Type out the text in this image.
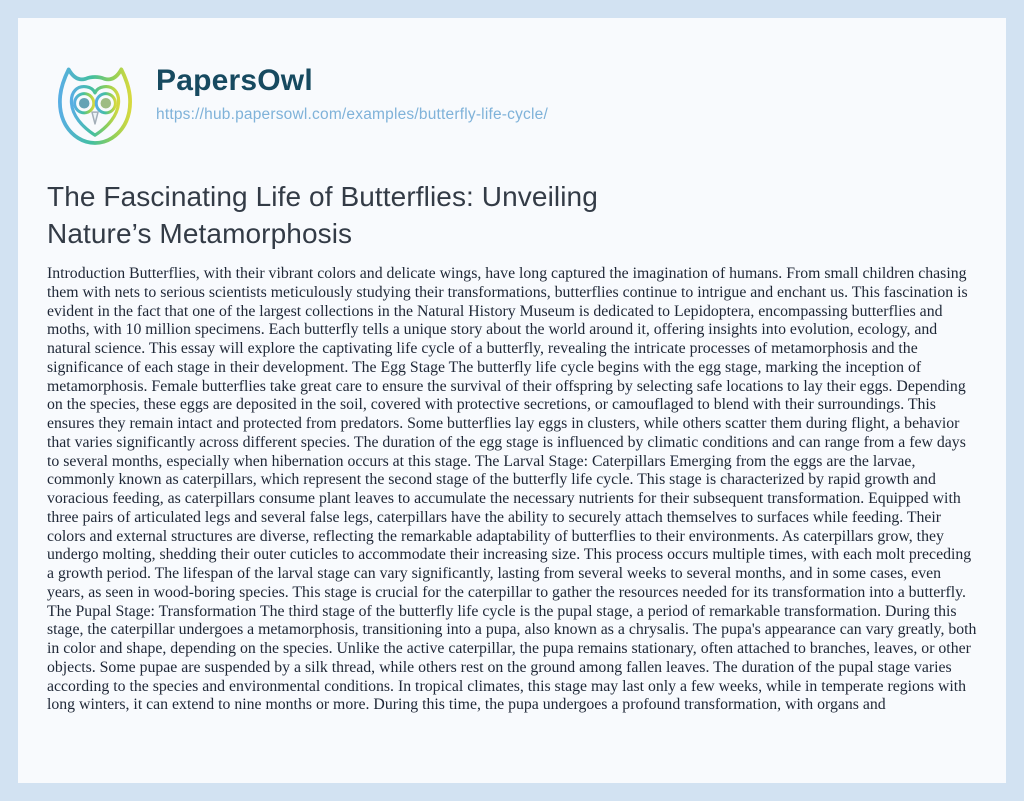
PapersOwl
https://hub.papersowl.com/examples/butterfly-life-cycle/
The Fascinating Life of Butterflies: Unveiling Nature’s Metamorphosis

Introduction Butterflies, with their vibrant colors and delicate wings, have long captured the imagination of humans. From small children chasing them with nets to serious scientists meticulously studying their transformations, butterflies continue to intrigue and enchant us. This fascination is evident in the fact that one of the largest collections in the Natural History Museum is dedicated to Lepidoptera, encompassing butterflies and moths, with 10 million specimens. Each butterfly tells a unique story about the world around it, offering insights into evolution, ecology, and natural science. This essay will explore the captivating life cycle of a butterfly, revealing the intricate processes of metamorphosis and the significance of each stage in their development. The Egg Stage The butterfly life cycle begins with the egg stage, marking the inception of metamorphosis. Female butterflies take great care to ensure the survival of their offspring by selecting safe locations to lay their eggs. Depending on the species, these eggs are deposited in the soil, covered with protective secretions, or camouflaged to blend with their surroundings. This ensures they remain intact and protected from predators. Some butterflies lay eggs in clusters, while others scatter them during flight, a behavior that varies significantly across different species. The duration of the egg stage is influenced by climatic conditions and can range from a few days to several months, especially when hibernation occurs at this stage. The Larval Stage: Caterpillars Emerging from the eggs are the larvae, commonly known as caterpillars, which represent the second stage of the butterfly life cycle. This stage is characterized by rapid growth and voracious feeding, as caterpillars consume plant leaves to accumulate the necessary nutrients for their subsequent transformation. Equipped with three pairs of articulated legs and several false legs, caterpillars have the ability to securely attach themselves to surfaces while feeding. Their colors and external structures are diverse, reflecting the remarkable adaptability of butterflies to their environments. As caterpillars grow, they undergo molting, shedding their outer cuticles to accommodate their increasing size. This process occurs multiple times, with each molt preceding a growth period. The lifespan of the larval stage can vary significantly, lasting from several weeks to several months, and in some cases, even years, as seen in wood-boring species. This stage is crucial for the caterpillar to gather the resources needed for its transformation into a butterfly. The Pupal Stage: Transformation The third stage of the butterfly life cycle is the pupal stage, a period of remarkable transformation. During this stage, the caterpillar undergoes a metamorphosis, transitioning into a pupa, also known as a chrysalis. The pupa's appearance can vary greatly, both in color and shape, depending on the species. Unlike the active caterpillar, the pupa remains stationary, often attached to branches, leaves, or other objects. Some pupae are suspended by a silk thread, while others rest on the ground among fallen leaves. The duration of the pupal stage varies according to the species and environmental conditions. In tropical climates, this stage may last only a few weeks, while in temperate regions with long winters, it can extend to nine months or more. During this time, the pupa undergoes a profound transformation, with organs and
